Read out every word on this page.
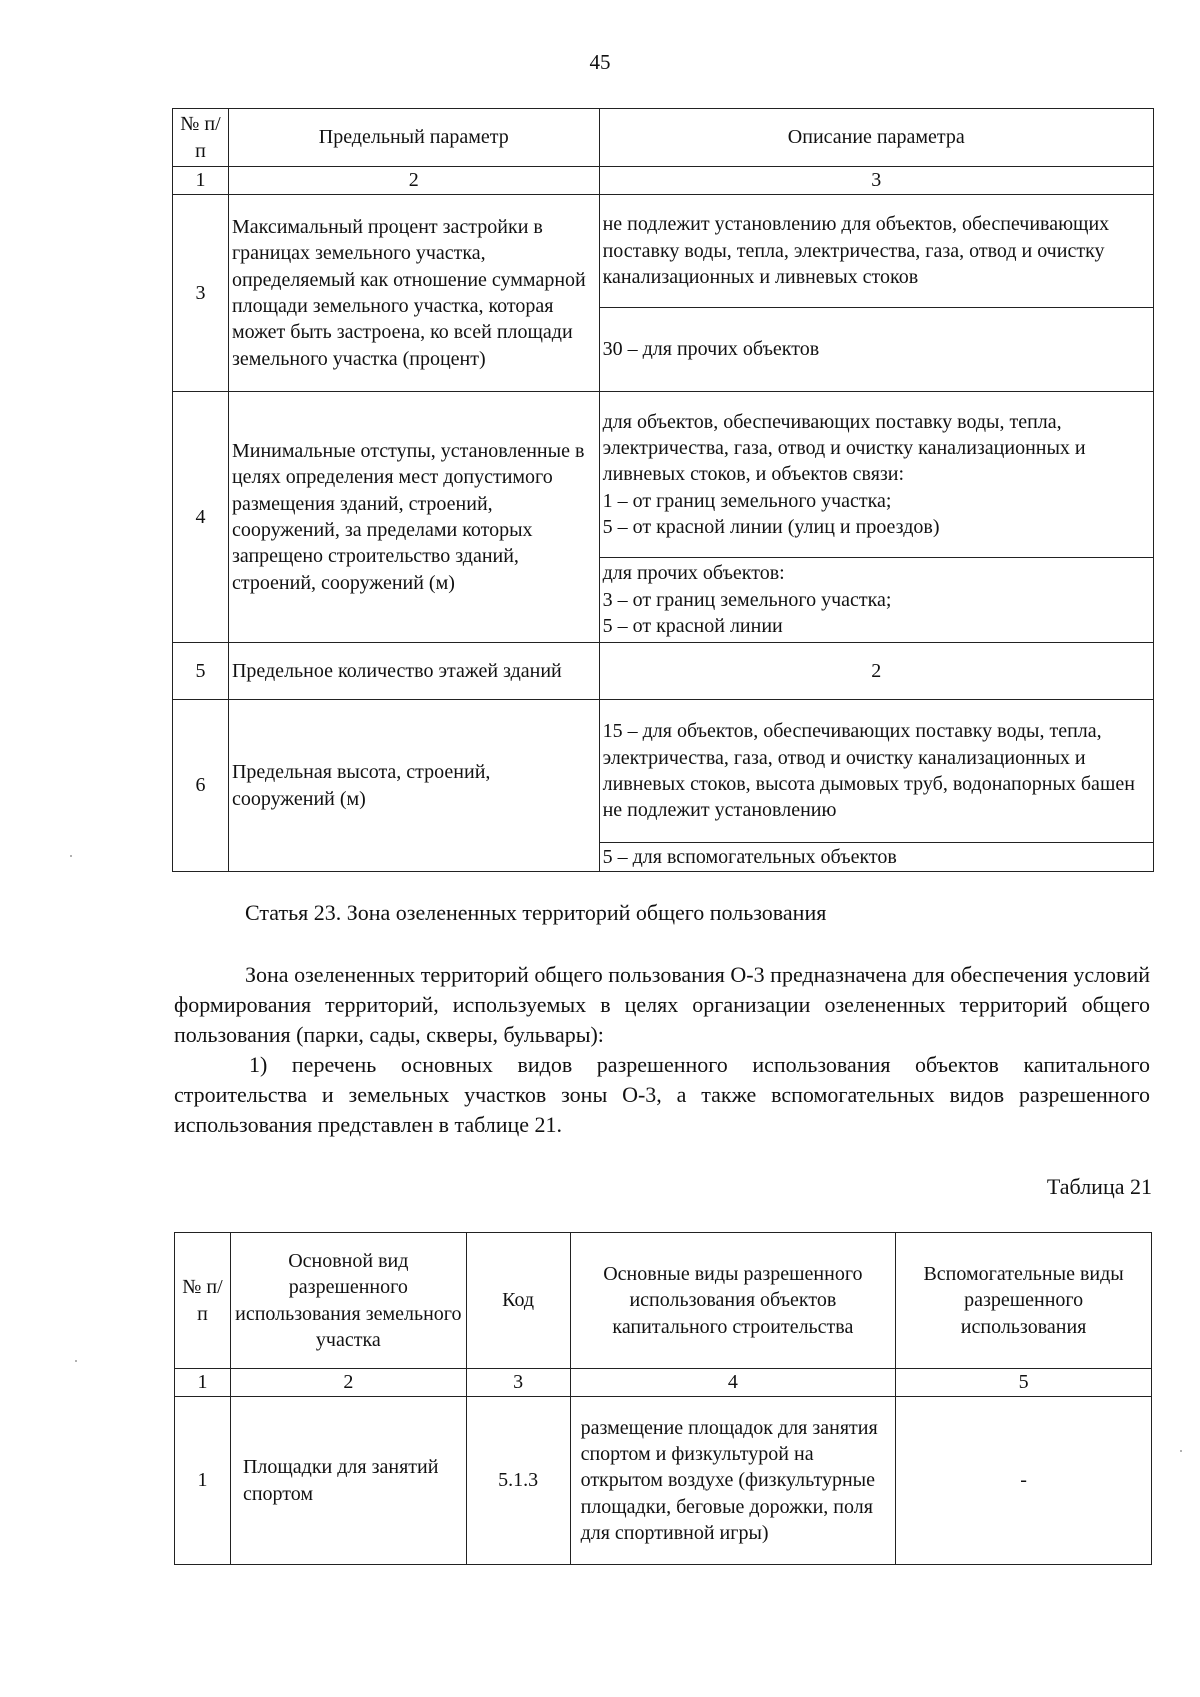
45
№ п/п	Предельный параметр	Описание параметра
1	2	3
3	Максимальный процент застройки в границах земельного участка, определяемый как отношение суммарной площади земельного участка, которая может быть застроена, ко всей площади земельного участка (процент)	не подлежит установлению для объектов, обеспечивающих поставку воды, тепла, электричества, газа, отвод и очистку канализационных и ливневых стоков
		30 – для прочих объектов
4	Минимальные отступы, установленные в целях определения мест допустимого размещения зданий, строений, сооружений, за пределами которых запрещено строительство зданий, строений, сооружений (м)	для объектов, обеспечивающих поставку воды, тепла, электричества, газа, отвод и очистку канализационных и ливневых стоков, и объектов связи:
1 – от границ земельного участка;
5 – от красной линии (улиц и проездов)
		для прочих объектов:
3 – от границ земельного участка;
5 – от красной линии
5	Предельное количество этажей зданий	2
6	Предельная высота, строений, сооружений (м)	15 – для объектов, обеспечивающих поставку воды, тепла, электричества, газа, отвод и очистку канализационных и ливневых стоков, высота дымовых труб, водонапорных башен не подлежит установлению
		5 – для вспомогательных объектов
Статья 23. Зона озелененных территорий общего пользования
Зона озелененных территорий общего пользования О-3 предназначена для обеспечения условий формирования территорий, используемых в целях организации озелененных территорий общего пользования (парки, сады, скверы, бульвары):
1) перечень основных видов разрешенного использования объектов капитального строительства и земельных участков зоны О-3, а также вспомогательных видов разрешенного использования представлен в таблице 21.
Таблица 21
№ п/п	Основной вид разрешенного использования земельного участка	Код	Основные виды разрешенного использования объектов капитального строительства	Вспомогательные виды разрешенного использования
1	2	3	4	5
1	Площадки для занятий спортом	5.1.3	размещение площадок для занятия спортом и физкультурой на открытом воздухе (физкультурные площадки, беговые дорожки, поля для спортивной игры)	-
